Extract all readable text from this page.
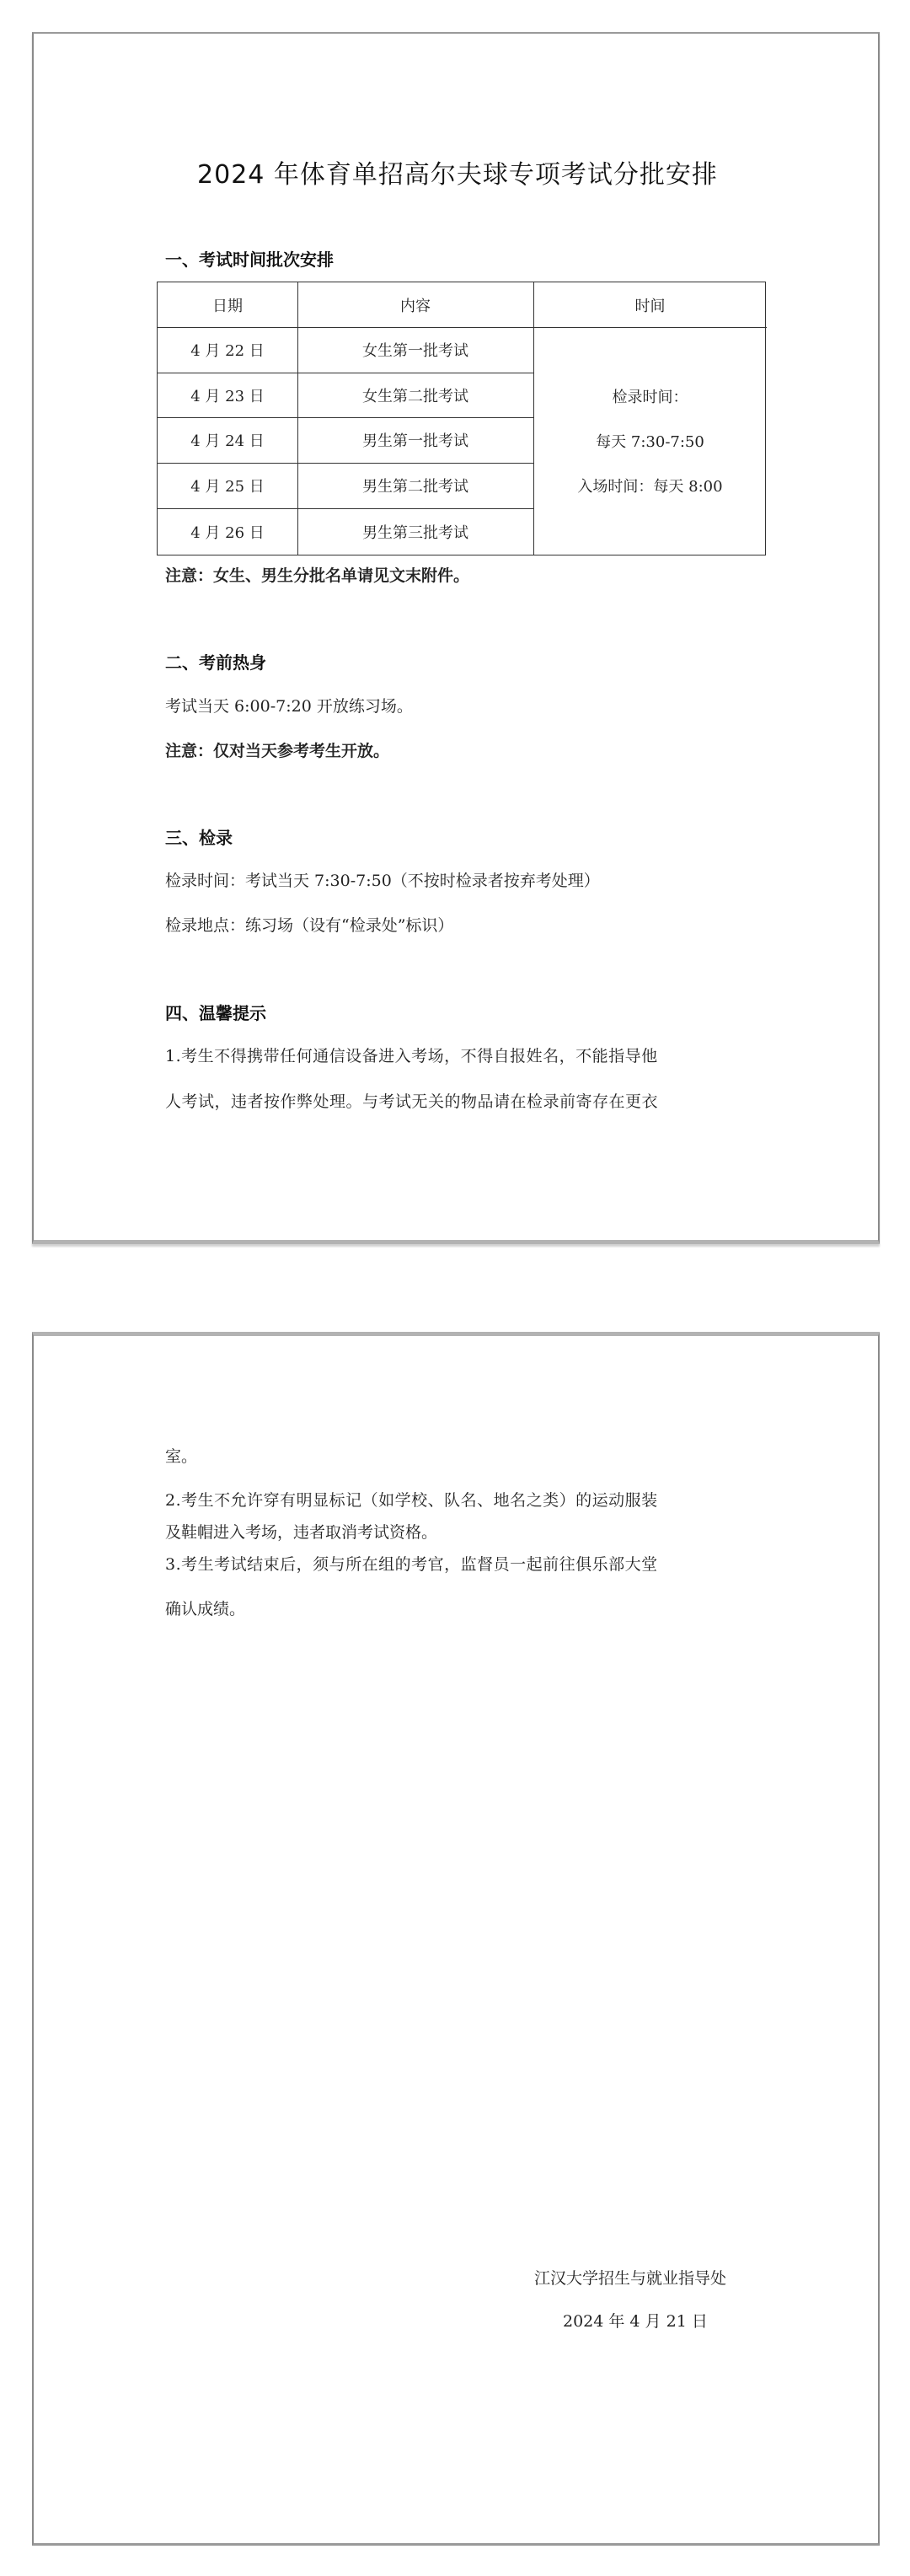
2024 年体育单招高尔夫球专项考试分批安排
一、考试时间批次安排
日期	内容	时间
4 月 22 日	女生第一批考试
4 月 23 日	女生第二批考试
4 月 24 日	男生第一批考试
4 月 25 日	男生第二批考试
4 月 26 日	男生第三批考试
检录时间：
每天 7:30-7:50
入场时间：每天 8:00
注意：女生、男生分批名单请见文末附件。
二、考前热身
考试当天 6:00-7:20 开放练习场。
注意：仅对当天参考考生开放。
三、检录
检录时间：考试当天 7:30-7:50（不按时检录者按弃考处理）
检录地点：练习场（设有“检录处”标识）
四、温馨提示
1.考生不得携带任何通信设备进入考场，不得自报姓名，不能指导他
人考试，违者按作弊处理。与考试无关的物品请在检录前寄存在更衣
室。
2.考生不允许穿有明显标记（如学校、队名、地名之类）的运动服装
及鞋帽进入考场，违者取消考试资格。
3.考生考试结束后，须与所在组的考官，监督员一起前往俱乐部大堂
确认成绩。
江汉大学招生与就业指导处
2024 年 4 月 21 日
